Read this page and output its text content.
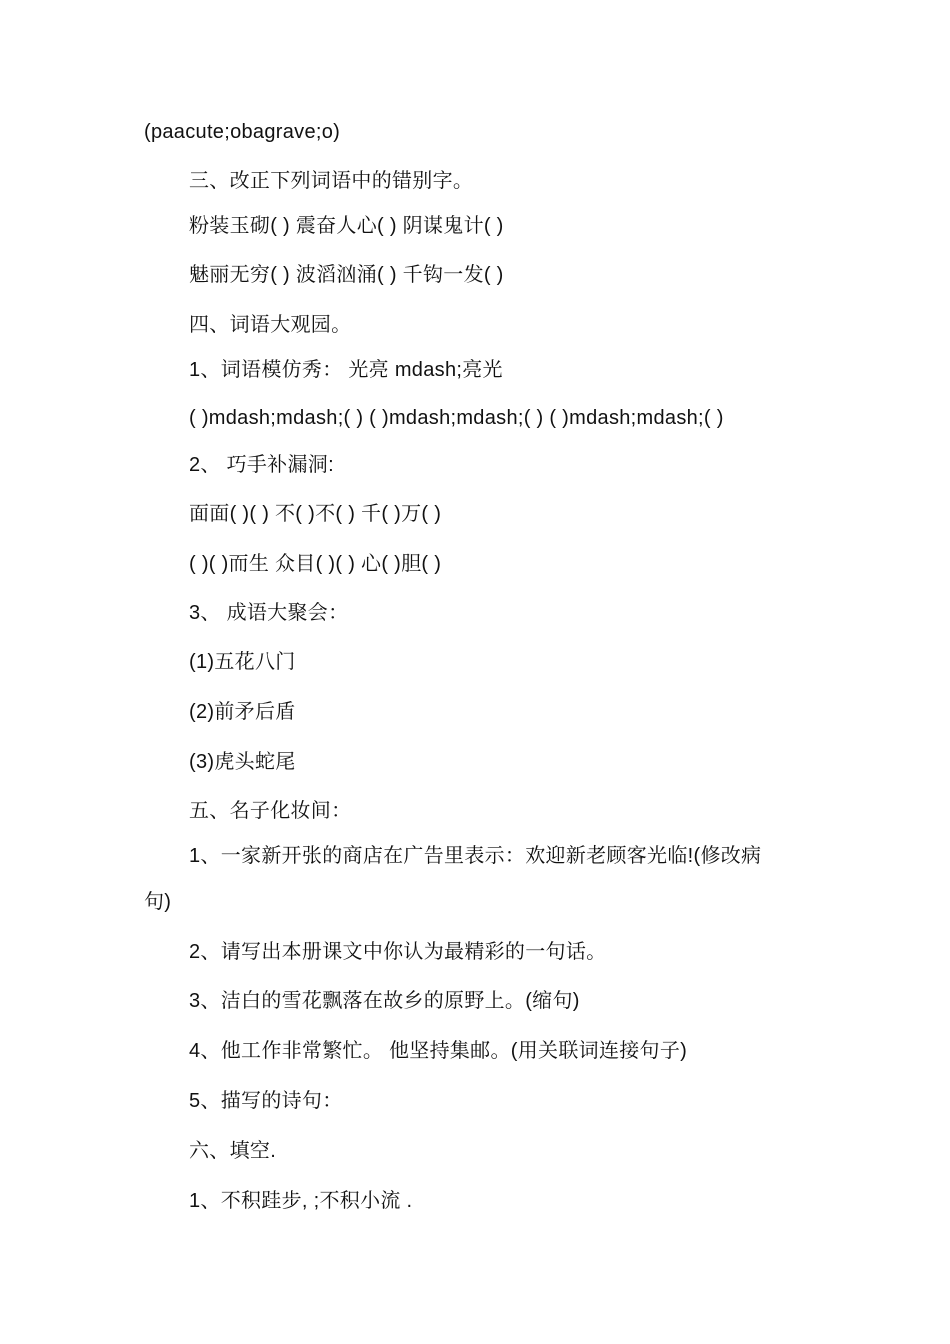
(paacute;obagrave;o)
三、改正下列词语中的错别字。
粉装玉砌( ) 震奋人心( ) 阴谋鬼计( )
魅丽无穷( ) 波滔汹涌( ) 千钩一发( )
四、词语大观园。
1、词语模仿秀： 光亮 mdash;亮光
( )mdash;mdash;( ) ( )mdash;mdash;( ) ( )mdash;mdash;( )
2、 巧手补漏洞:
面面( )( ) 不( )不( ) 千( )万( )
( )( )而生 众目( )( ) 心( )胆( )
3、 成语大聚会：
(1)五花八门
(2)前矛后盾
(3)虎头蛇尾
五、名子化妆间：
1、一家新开张的商店在广告里表示：欢迎新老顾客光临!(修改病
句)
2、请写出本册课文中你认为最精彩的一句话。
3、洁白的雪花飘落在故乡的原野上。(缩句)
4、他工作非常繁忙。 他坚持集邮。(用关联词连接句子)
5、描写的诗句：
六、填空.
1、不积跬步, ;不积小流 .
